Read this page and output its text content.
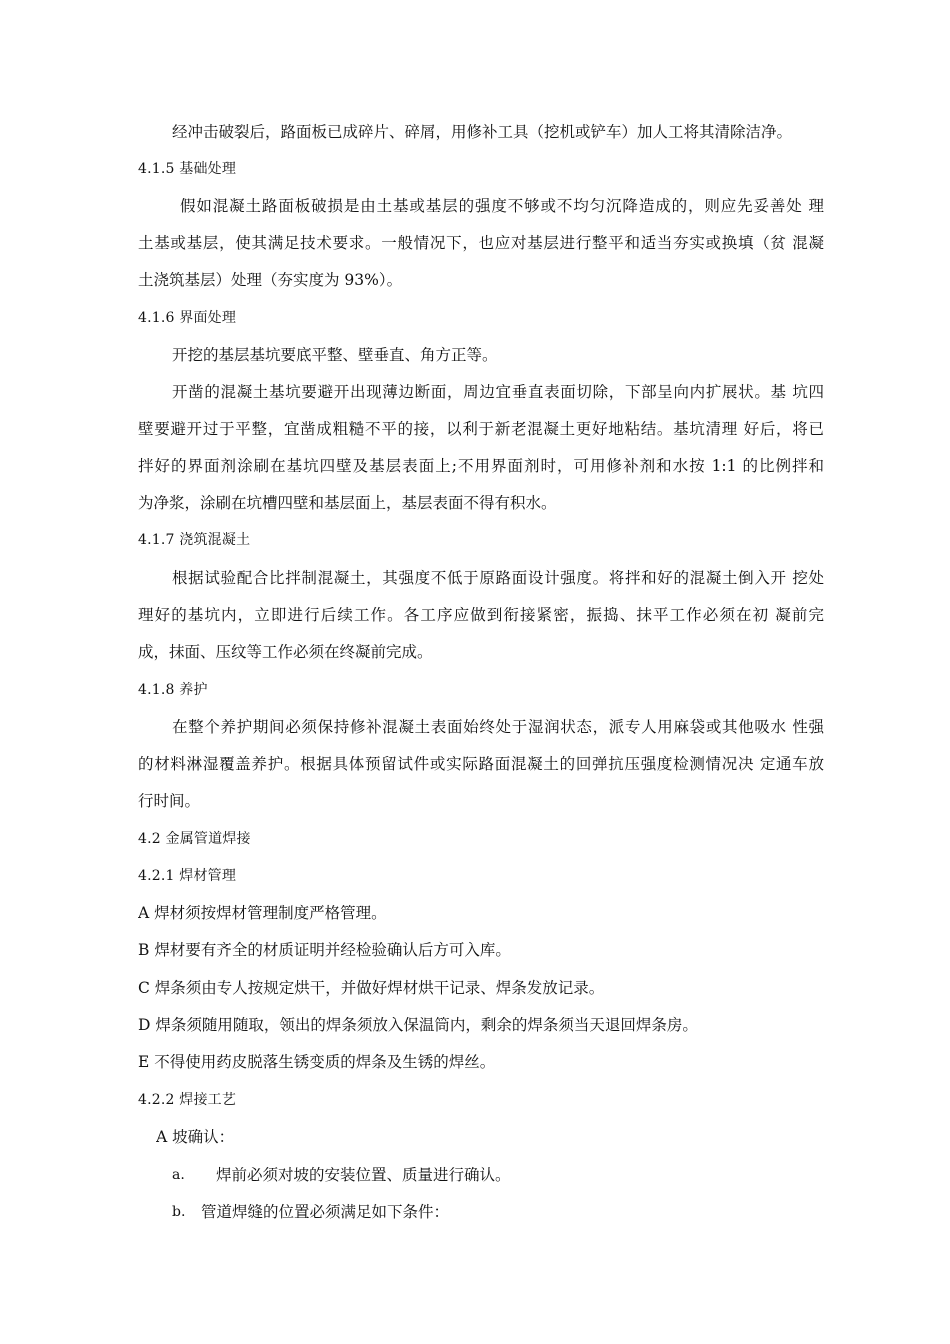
经冲击破裂后，路面板已成碎片、碎屑，用修补工具（挖机或铲车）加人工将其清除洁净。
4.1.5 基础处理
假如混凝土路面板破损是由土基或基层的强度不够或不均匀沉降造成的，则应先妥善处 理
土基或基层，使其满足技术要求。一般情况下，也应对基层进行整平和适当夯实或换填（贫 混凝
土浇筑基层）处理（夯实度为 93%）。
4.1.6 界面处理
开挖的基层基坑要底平整、壁垂直、角方正等。
开凿的混凝土基坑要避开出现薄边断面，周边宜垂直表面切除，下部呈向内扩展状。基 坑四
壁要避开过于平整，宜凿成粗糙不平的接，以利于新老混凝土更好地粘结。基坑清理 好后，将已
拌好的界面剂涂刷在基坑四壁及基层表面上;不用界面剂时，可用修补剂和水按 1:1 的比例拌和
为净浆，涂刷在坑槽四壁和基层面上，基层表面不得有积水。
4.1.7 浇筑混凝土
根据试验配合比拌制混凝土，其强度不低于原路面设计强度。将拌和好的混凝土倒入开 挖处
理好的基坑内，立即进行后续工作。各工序应做到衔接紧密，振捣、抹平工作必须在初 凝前完
成，抹面、压纹等工作必须在终凝前完成。
4.1.8 养护
在整个养护期间必须保持修补混凝土表面始终处于湿润状态，派专人用麻袋或其他吸水 性强
的材料淋湿覆盖养护。根据具体预留试件或实际路面混凝土的回弹抗压强度检测情况决 定通车放
行时间。
4.2 金属管道焊接
4.2.1 焊材管理
A 焊材须按焊材管理制度严格管理。
B 焊材要有齐全的材质证明并经检验确认后方可入库。
C 焊条须由专人按规定烘干，并做好焊材烘干记录、焊条发放记录。
D 焊条须随用随取，领出的焊条须放入保温筒内，剩余的焊条须当天退回焊条房。
E 不得使用药皮脱落生锈变质的焊条及生锈的焊丝。
4.2.2 焊接工艺
A 坡确认：
a. 焊前必须对坡的安装位置、质量进行确认。
b. 管道焊缝的位置必须满足如下条件：
